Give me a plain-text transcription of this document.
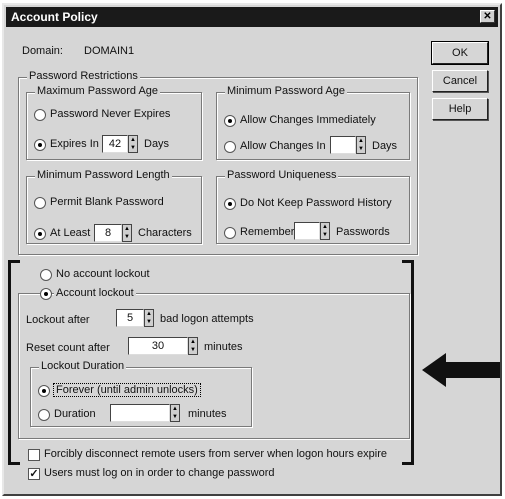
Account Policy	✕
Domain: DOMAIN1	OK
Cancel
Help
Password Restrictions
Maximum Password Age
Password Never Expires
Expires In 42	▲
▼ Days
Minimum Password Age
Allow Changes Immediately
Allow Changes In	▲
▼ Days
Minimum Password Length
Permit Blank Password
At Least	8	▲
▼ Characters
Password Uniqueness
Do Not Keep Password History
Remember	▲
▼ Passwords
No account lockout
Account lockout
Lockout after	5	▲
▼ bad logon attempts
Reset count after	30	▲
▼ minutes
Lockout Duration
Forever (until admin unlocks)
Duration	▲
▼ minutes
Forcibly disconnect remote users from server when logon hours expire
✓ Users must log on in order to change password
